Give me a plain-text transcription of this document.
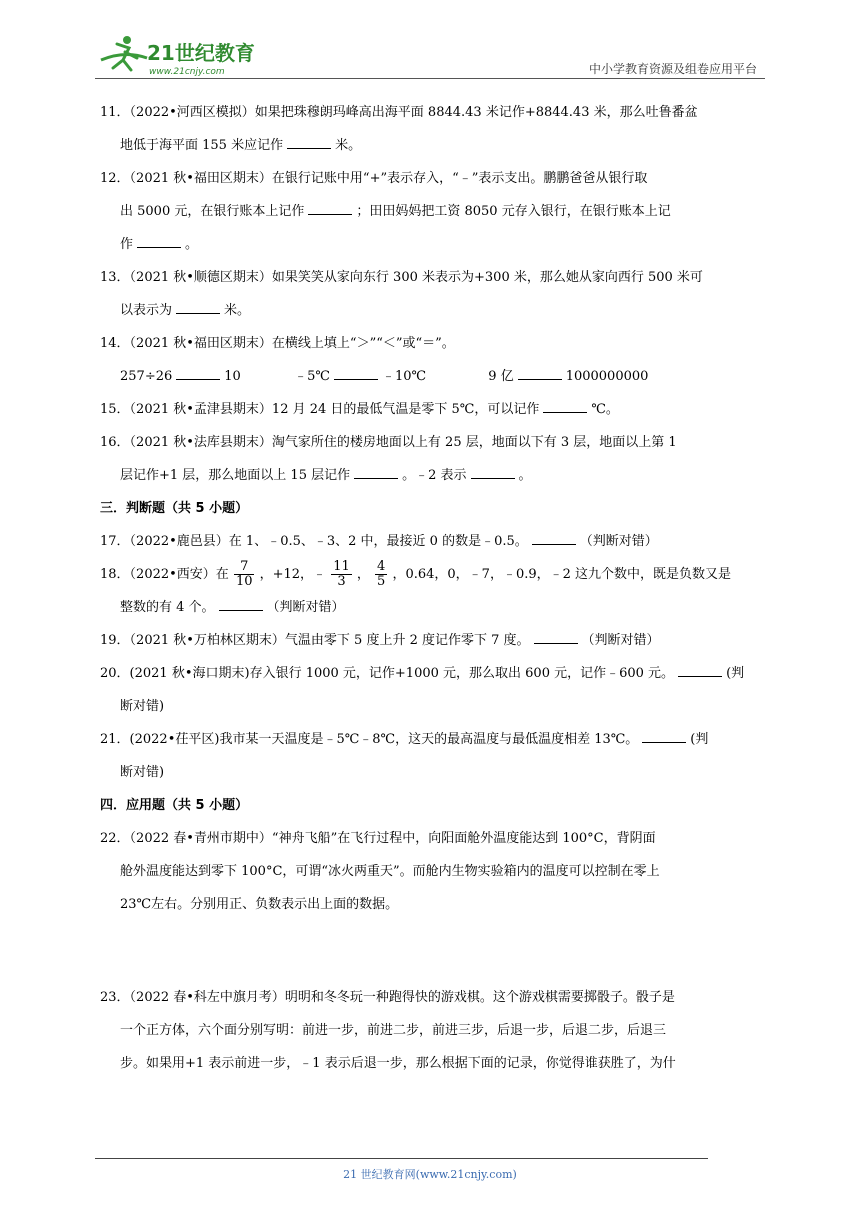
21世纪教育
www.21cnjy.com	中小学教育资源及组卷应用平台
11．（2022•河西区模拟）如果把珠穆朗玛峰高出海平面 8844.43 米记作+8844.43 米，那么吐鲁番盆
地低于海平面 155 米应记作	米。
12．（2021 秋•福田区期末）在银行记账中用“+”表示存入，“﹣”表示支出。鹏鹏爸爸从银行取
出 5000 元，在银行账本上记作	；田田妈妈把工资 8050 元存入银行，在银行账本上记
作	。
13．（2021 秋•顺德区期末）如果笑笑从家向东行 300 米表示为+300 米，那么她从家向西行 500 米可
以表示为	米。
14．（2021 秋•福田区期末）在横线上填上“＞”“＜”或“＝”。
257÷26	10	﹣5℃	﹣10℃	9 亿	1000000000
15．（2021 秋•孟津县期末）12 月 24 日的最低气温是零下 5℃，可以记作	℃。
16．（2021 秋•法库县期末）淘气家所住的楼房地面以上有 25 层，地面以下有 3 层，地面以上第 1
层记作+1 层，那么地面以上 15 层记作	。﹣2 表示	。
三．判断题（共 5 小题）
17．（2022•鹿邑县）在 1、﹣0.5、﹣3、2 中，最接近 0 的数是﹣0.5。	（判断对错）
18．（2022•西安）在 $\frac{7}{10}$ ，+12，﹣ $\frac{11}{3}$ ， $\frac{4}{5}$ ，0.64，0，﹣7，﹣0.9，﹣2 这九个数中，既是负数又是
整数的有 4 个。	（判断对错）
19．（2021 秋•万柏林区期末）气温由零下 5 度上升 2 度记作零下 7 度。	（判断对错）
20．(2021 秋•海口期末)存入银行 1000 元，记作+1000 元，那么取出 600 元，记作﹣600 元。	(判
断对错)
21．(2022•茌平区)我市某一天温度是﹣5℃﹣8℃，这天的最高温度与最低温度相差 13℃。	(判
断对错)
四．应用题（共 5 小题）
22．（2022 春•青州市期中）“神舟飞船”在飞行过程中，向阳面舱外温度能达到 100°C，背阴面
舱外温度能达到零下 100°C，可谓“冰火两重天”。而舱内生物实验箱内的温度可以控制在零上
23℃左右。分别用正、负数表示出上面的数据。
23．（2022 春•科左中旗月考）明明和冬冬玩一种跑得快的游戏棋。这个游戏棋需要掷骰子。骰子是
一个正方体，六个面分别写明：前进一步，前进二步，前进三步，后退一步，后退二步，后退三
步。如果用+1 表示前进一步，﹣1 表示后退一步，那么根据下面的记录，你觉得谁获胜了，为什
21 世纪教育网(www.21cnjy.com)
